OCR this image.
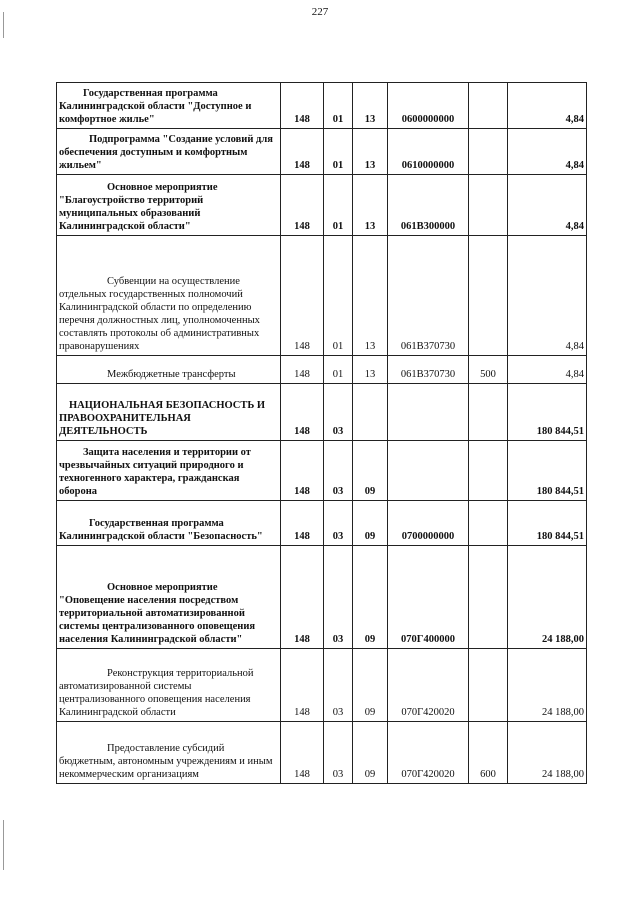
227
Государственная программа Калининградской области "Доступное и комфортное жилье"	148	01	13	0600000000		4,84
Подпрограмма "Создание условий для обеспечения доступным и комфортным жильем"	148	01	13	0610000000		4,84
Основное мероприятие "Благоустройство территорий муниципальных образований Калининградской области"	148	01	13	061B300000		4,84
Субвенции на осуществление отдельных государственных полномочий Калининградской области по определению перечня должностных лиц, уполномоченных составлять протоколы об административных правонарушениях	148	01	13	061B370730		4,84
Межбюджетные трансферты	148	01	13	061B370730	500	4,84
НАЦИОНАЛЬНАЯ БЕЗОПАСНОСТЬ И ПРАВООХРАНИТЕЛЬНАЯ ДЕЯТЕЛЬНОСТЬ	148	03				180 844,51
Защита населения и территории от чрезвычайных ситуаций природного и техногенного характера, гражданская оборона	148	03	09			180 844,51
Государственная программа Калининградской области "Безопасность"	148	03	09	0700000000		180 844,51
Основное мероприятие "Оповещение населения посредством территориальной автоматизированной системы централизованного оповещения населения Калининградской области"	148	03	09	070Г400000		24 188,00
Реконструкция территориальной автоматизированной системы централизованного оповещения населения Калининградской области	148	03	09	070Г420020		24 188,00
Предоставление субсидий бюджетным, автономным учреждениям и иным некоммерческим организациям	148	03	09	070Г420020	600	24 188,00
